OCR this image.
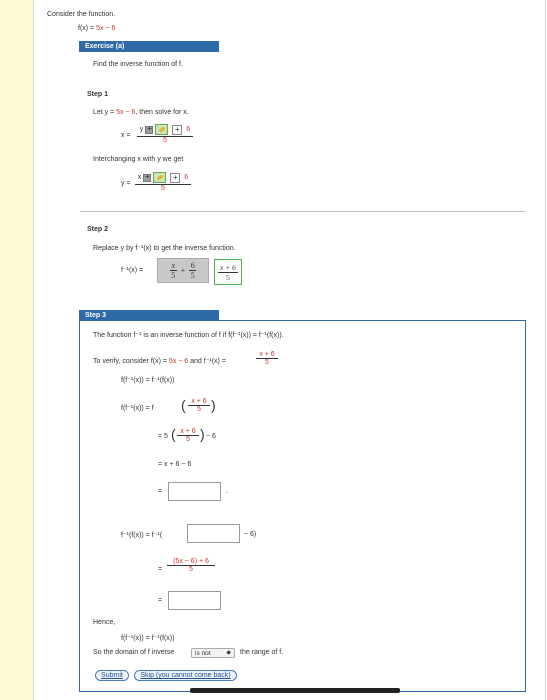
Consider the function.
f(x) = 5x − 6
Exercise (a)
Find the inverse function of f.
Step 1
Let y = 5x − 6, then solve for x.
x =
y +	+ 6
5
Interchanging x with y we get
y =
x +	+ 6
5
Step 2
Replace y by f⁻¹(x) to get the inverse function.
f⁻¹(x) =
x
5
+
6
5
x + 6
5
Step 3
The function f⁻¹ is an inverse function of f if f(f⁻¹(x)) = f⁻¹(f(x)).
To verify, consider f(x) = 5x − 6 and f⁻¹(x) =
x + 6
5
f(f⁻¹(x)) = f⁻¹(f(x))
f(f⁻¹(x)) = f ( x + 6
5 )
= 5 ( x + 6
5 ) − 6
= x + 6 − 6
=	.
f⁻¹(f(x)) = f⁻¹(	− 6)
=
(5x − 6) + 6
5
=
Hence,
f(f⁻¹(x)) = f⁻¹(f(x))
So the domain of f inverse	is not ◆	the range of f.
Submit	Skip (you cannot come back)
